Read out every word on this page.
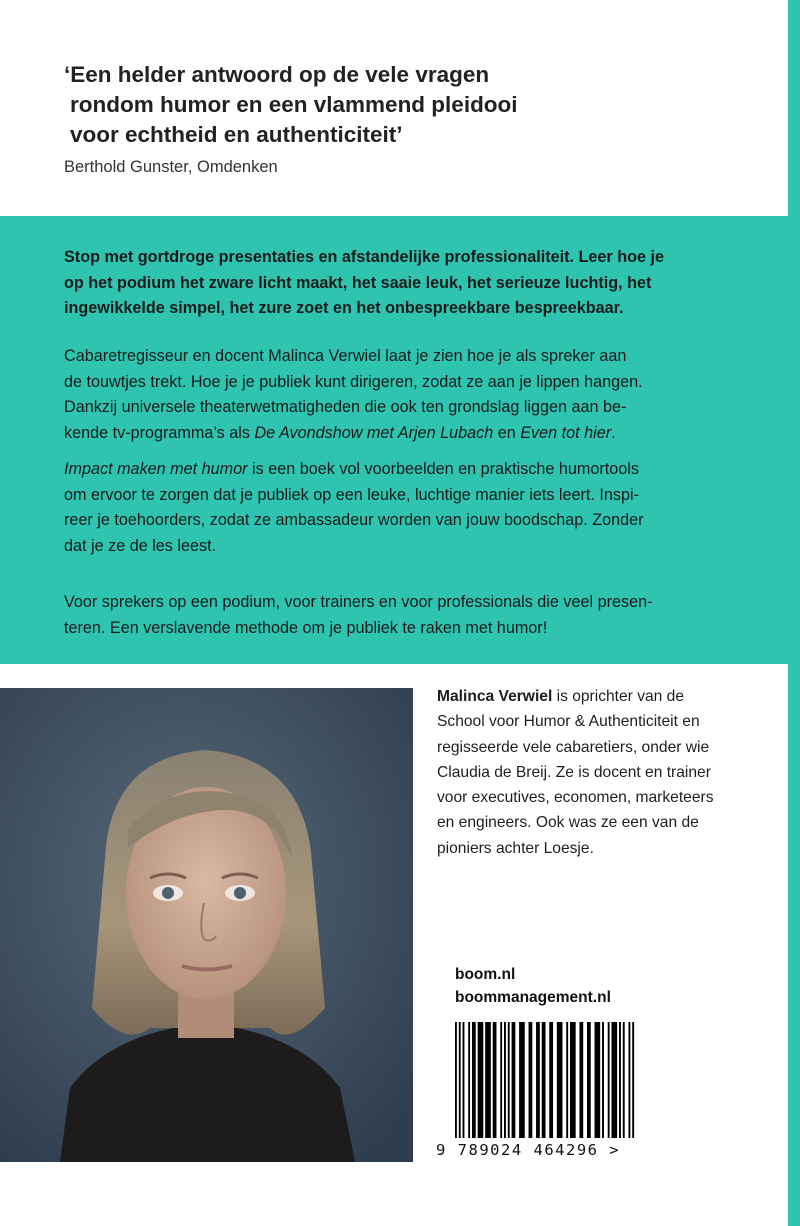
‘Een helder antwoord op de vele vragen
rondom humor en een vlammend pleidooi
voor echtheid en authenticiteit’

Berthold Gunster, Omdenken

Stop met gortdroge presentaties en afstandelijke professionaliteit. Leer hoe je
op het podium het zware licht maakt, het saaie leuk, het serieuze luchtig, het
ingewikkelde simpel, het zure zoet en het onbespreekbare bespreekbaar.

Cabaretregisseur en docent Malinca Verwiel laat je zien hoe je als spreker aan
de touwtjes trekt. Hoe je je publiek kunt dirigeren, zodat ze aan je lippen hangen.
Dankzij universele theaterwetmatigheden die ook ten grondslag liggen aan be-
kende tv-programma’s als De Avondshow met Arjen Lubach en Even tot hier.

Impact maken met humor is een boek vol voorbeelden en praktische humortools
om ervoor te zorgen dat je publiek op een leuke, luchtige manier iets leert. Inspi-
reer je toehoorders, zodat ze ambassadeur worden van jouw boodschap. Zonder
dat je ze de les leest.

Voor sprekers op een podium, voor trainers en voor professionals die veel presen-
teren. Een verslavende methode om je publiek te raken met humor!

Malinca Verwiel is oprichter van de
School voor Humor & Authenticiteit en
regisseerde vele cabaretiers, onder wie
Claudia de Breij. Ze is docent en trainer
voor executives, economen, marketeers
en engineers. Ook was ze een van de
pioniers achter Loesje.

boom.nl
boommanagement.nl

9 789024 464296 >
